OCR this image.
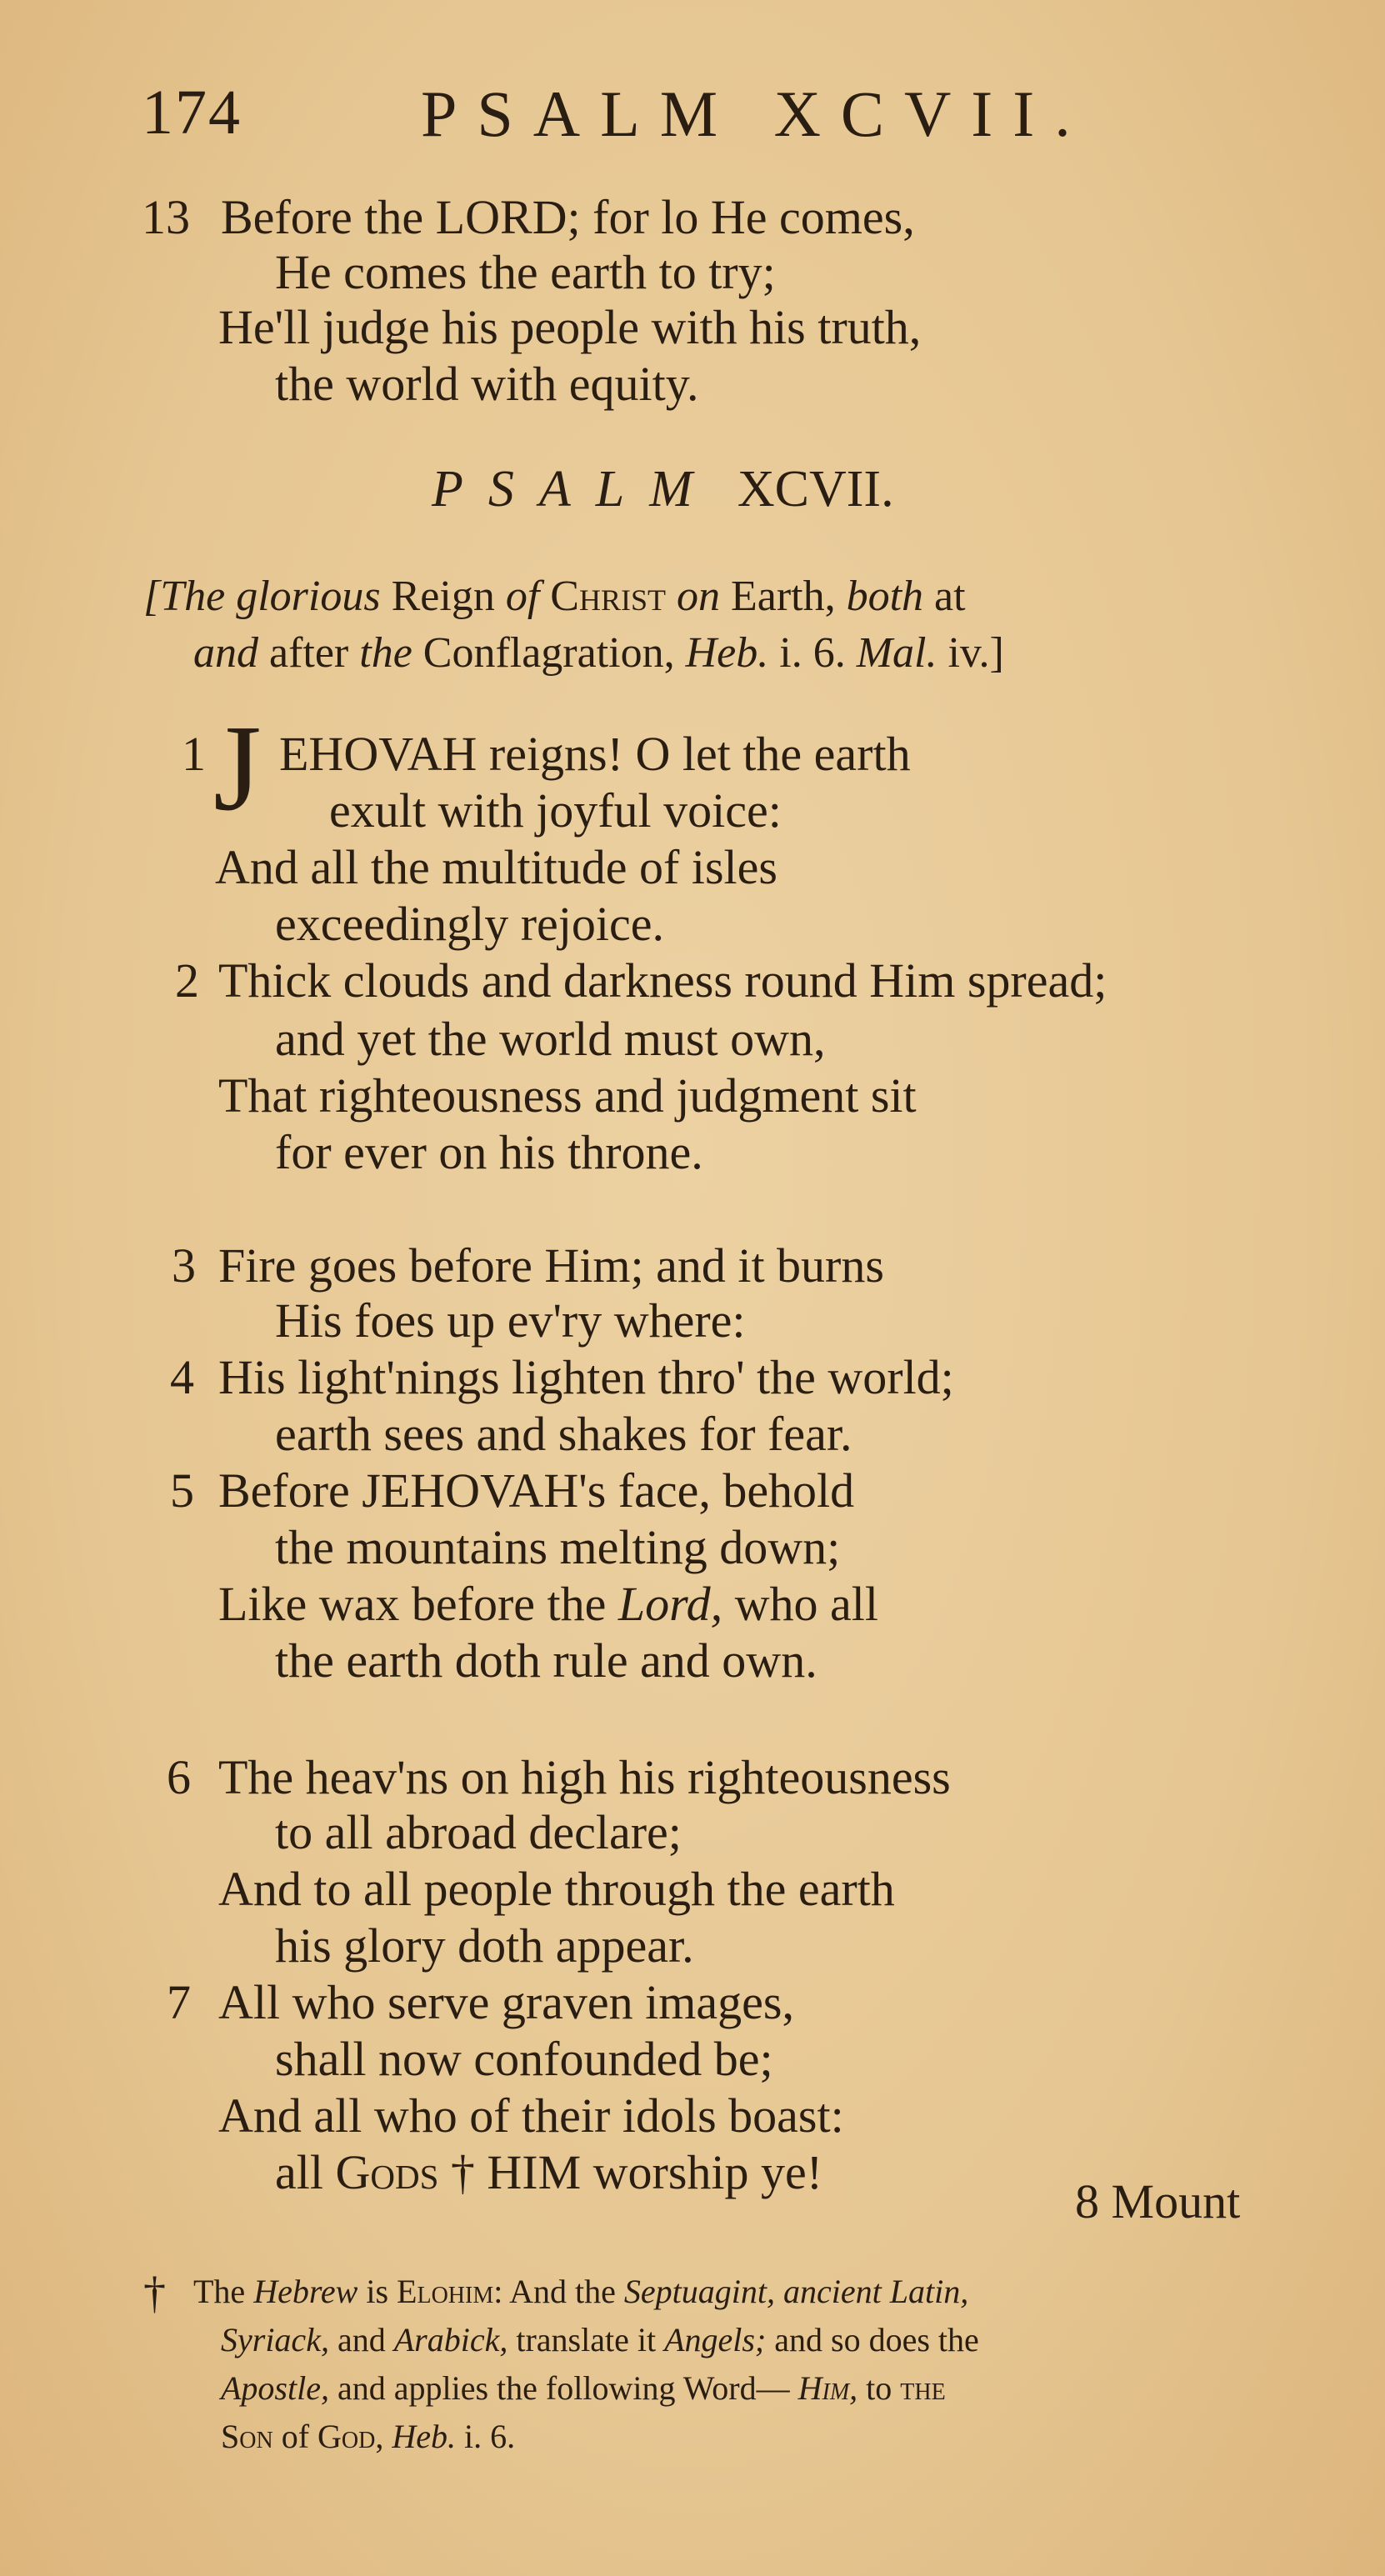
174	PSALM XCVII.
13 Before the LORD; for lo He comes,
He comes the earth to try;
He'll judge his people with his truth,
the world with equity.
PSALM XCVII.
[The glorious Reign of Christ on Earth, both at
and after the Conflagration, Heb. i. 6. Mal. iv.]
1 J EHOVAH reigns! O let the earth
exult with joyful voice:
And all the multitude of isles
exceedingly rejoice.
2 Thick clouds and darkness round Him spread;
and yet the world must own,
That righteousness and judgment sit
for ever on his throne.
3 Fire goes before Him; and it burns
His foes up ev'ry where:
4 His light'nings lighten thro' the world;
earth sees and shakes for fear.
5 Before JEHOVAH's face, behold
the mountains melting down;
Like wax before the Lord, who all
the earth doth rule and own.
6 The heav'ns on high his righteousness
to all abroad declare;
And to all people through the earth
his glory doth appear.
7 All who serve graven images,
shall now confounded be;
And all who of their idols boast:
all Gods † HIM worship ye!
8 Mount
† The Hebrew is Elohim: And the Septuagint, ancient Latin,
Syriack, and Arabick, translate it Angels; and so does the
Apostle, and applies the following Word— Him, to the
Son of God, Heb. i. 6.
